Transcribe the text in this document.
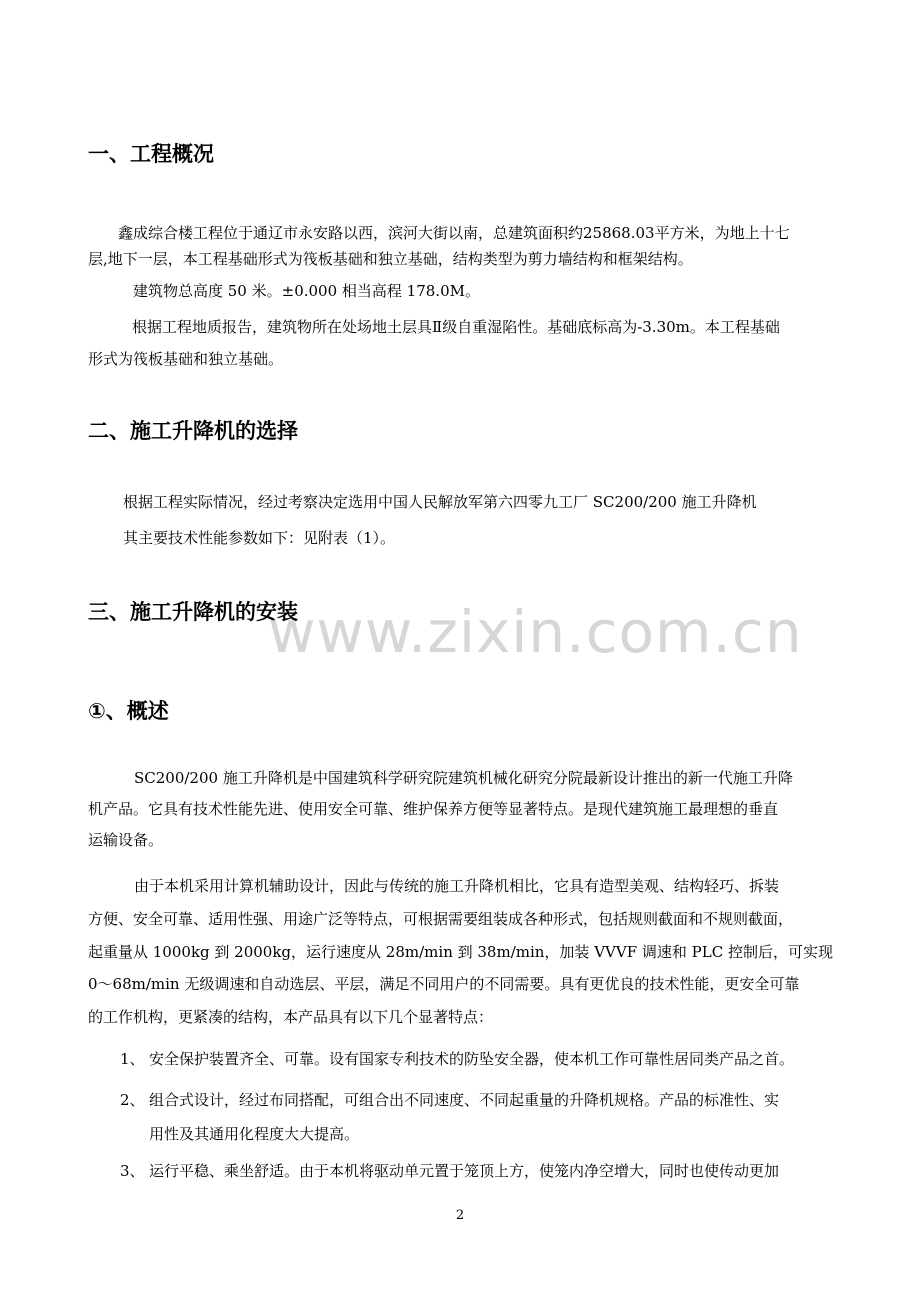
一、工程概况
二、施工升降机的选择
三、施工升降机的安装
①、概述
鑫成综合楼工程位于通辽市永安路以西，滨河大街以南，总建筑面积约25868.03平方米，为地上十七
层,地下一层，本工程基础形式为筏板基础和独立基础，结构类型为剪力墙结构和框架结构。
建筑物总高度 50 米。±0.000 相当高程 178.0M。
根据工程地质报告，建筑物所在处场地土层具Ⅱ级自重湿陷性。基础底标高为-3.30m。本工程基础
形式为筏板基础和独立基础。
根据工程实际情况，经过考察决定选用中国人民解放军第六四零九工厂 SC200/200 施工升降机
其主要技术性能参数如下：见附表（1）。
www.zixin.com.cn
SC200/200 施工升降机是中国建筑科学研究院建筑机械化研究分院最新设计推出的新一代施工升降
机产品。它具有技术性能先进、使用安全可靠、维护保养方便等显著特点。是现代建筑施工最理想的垂直
运输设备。
由于本机采用计算机辅助设计，因此与传统的施工升降机相比，它具有造型美观、结构轻巧、拆装
方便、安全可靠、适用性强、用途广泛等特点，可根据需要组装成各种形式，包括规则截面和不规则截面，
起重量从 1000kg 到 2000kg，运行速度从 28m/min 到 38m/min，加装 VVVF 调速和 PLC 控制后，可实现
0～68m/min 无级调速和自动选层、平层，满足不同用户的不同需要。具有更优良的技术性能，更安全可靠
的工作机构，更紧凑的结构，本产品具有以下几个显著特点：
1、 安全保护装置齐全、可靠。设有国家专利技术的防坠安全器，使本机工作可靠性居同类产品之首。
2、 组合式设计，经过布同搭配，可组合出不同速度、不同起重量的升降机规格。产品的标准性、实
用性及其通用化程度大大提高。
3、 运行平稳、乘坐舒适。由于本机将驱动单元置于笼顶上方，使笼内净空增大，同时也使传动更加
2
